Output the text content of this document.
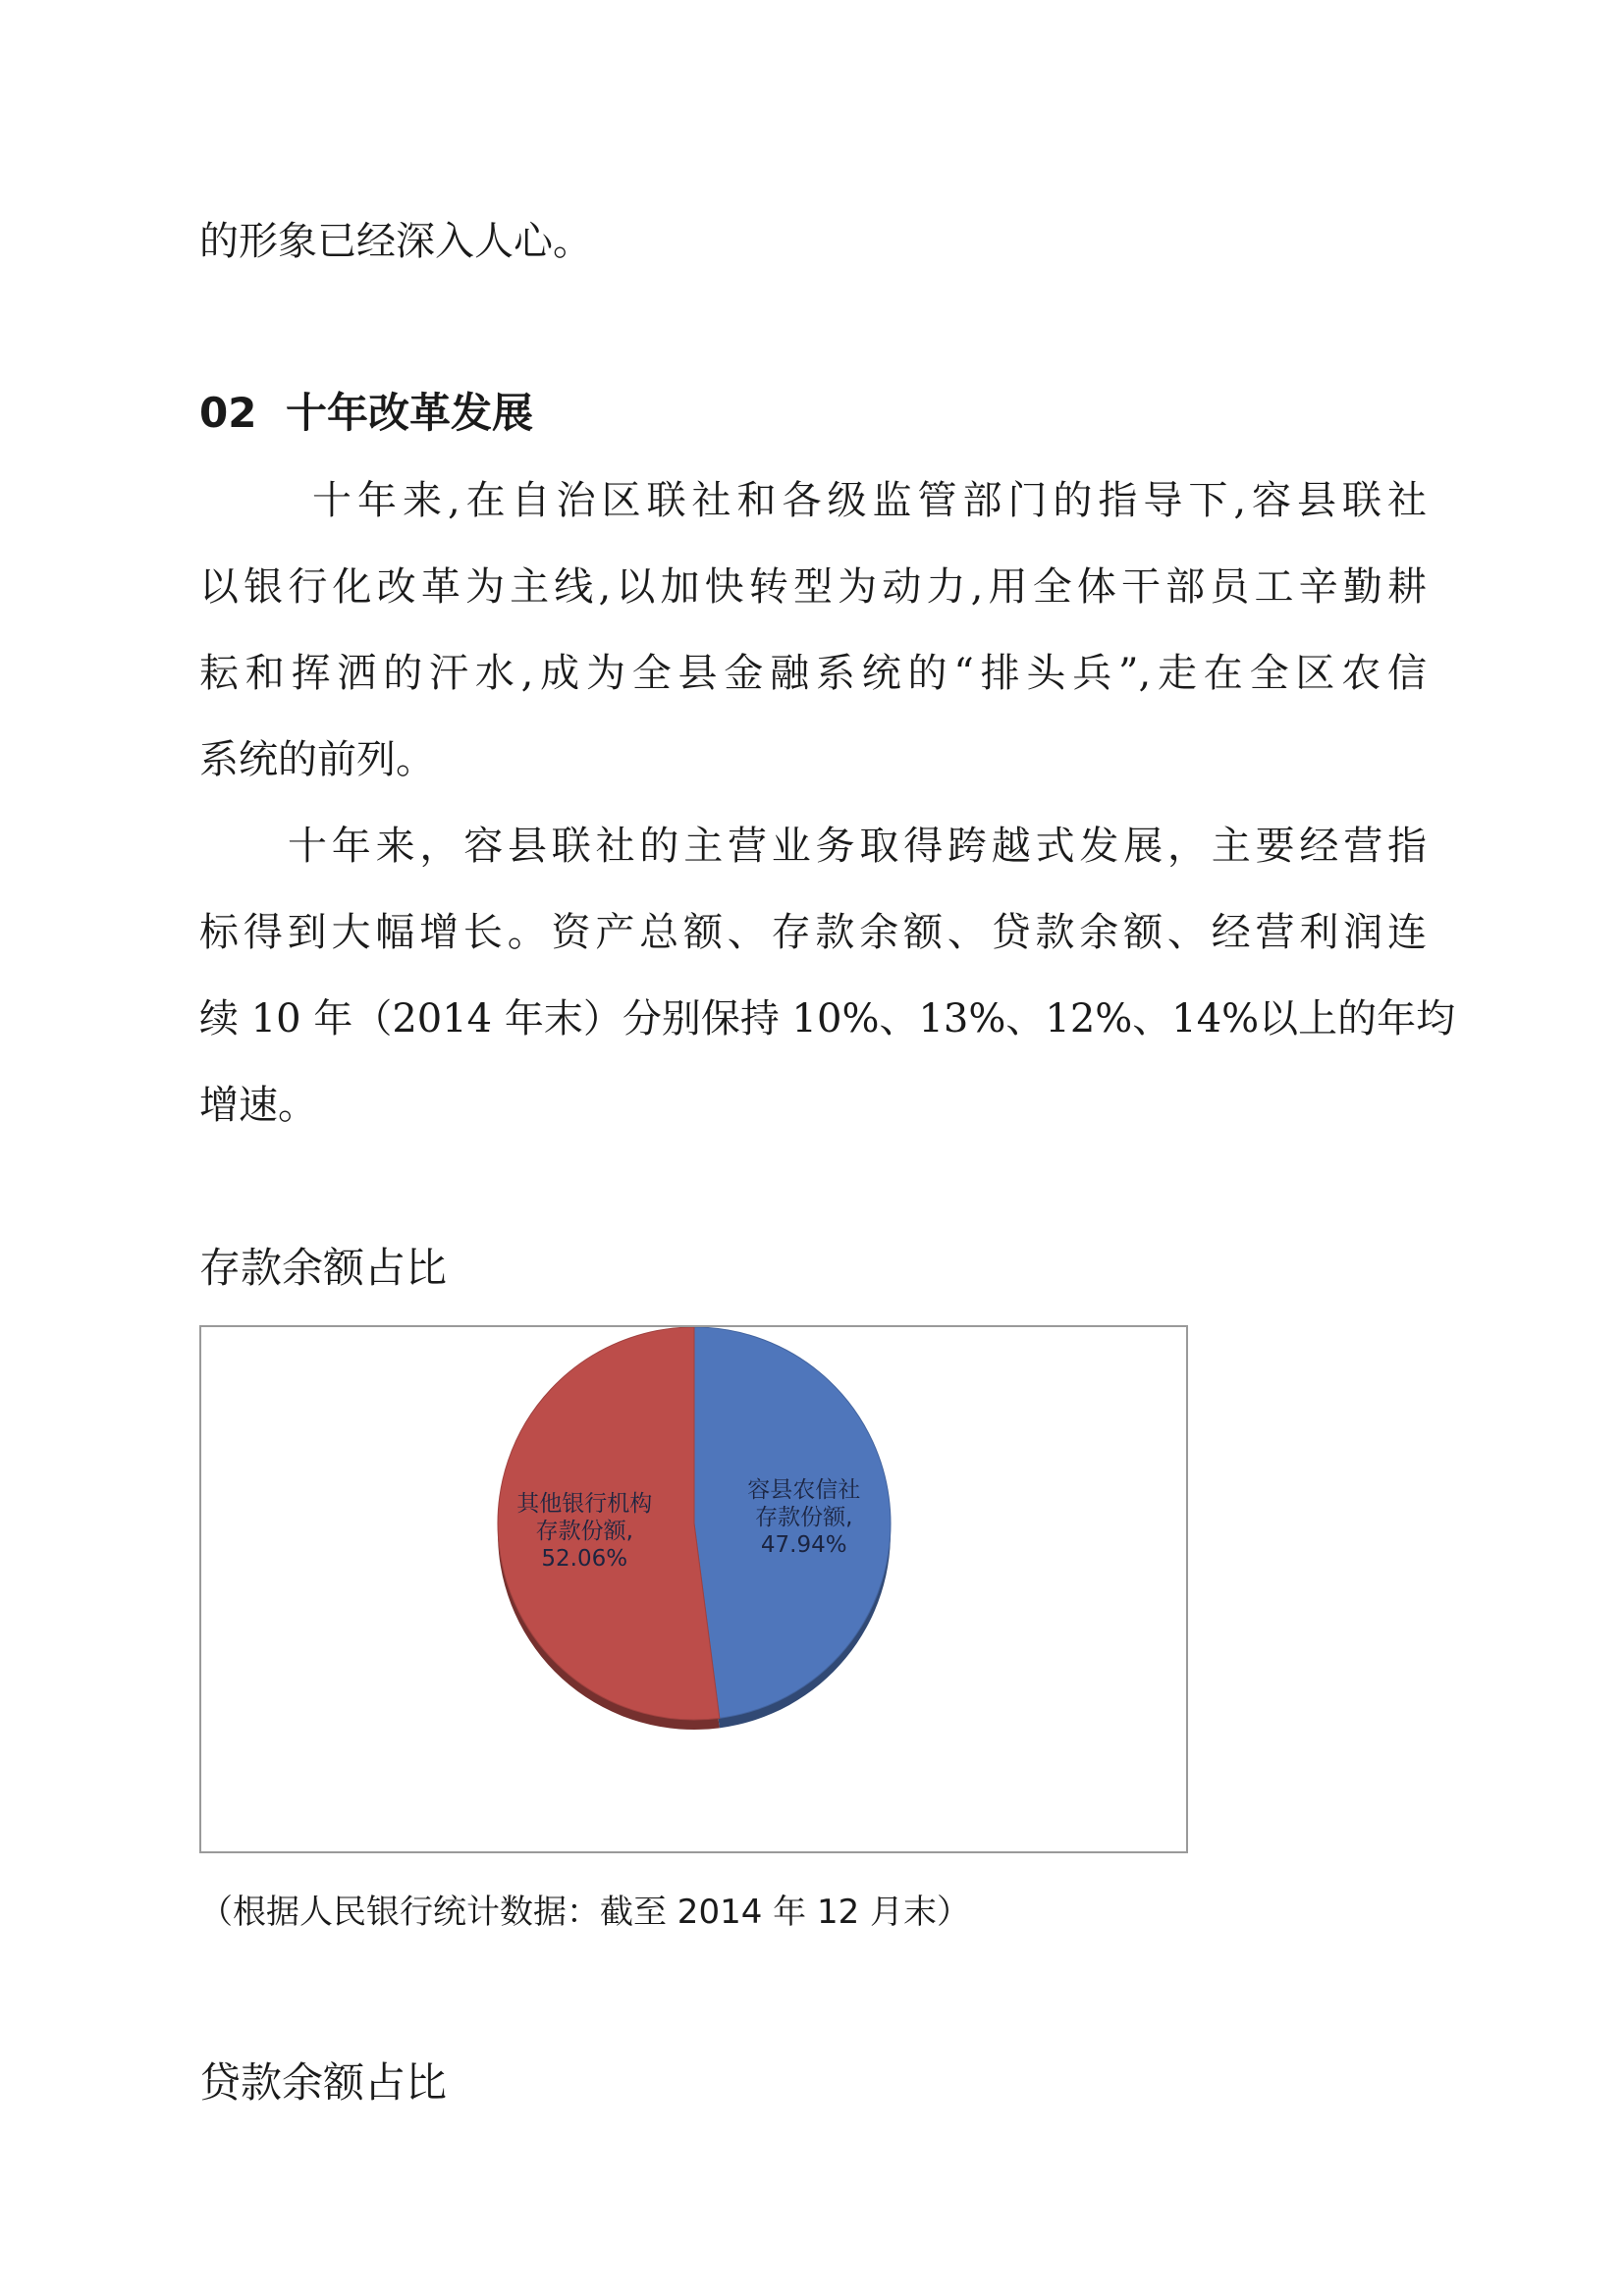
的形象已经深入人心。
02 十年改革发展
十年来,在自治区联社和各级监管部门的指导下,容县联社
以银行化改革为主线,以加快转型为动力,用全体干部员工辛勤耕
耘和挥洒的汗水,成为全县金融系统的“排头兵”,走在全区农信
系统的前列。
十年来，容县联社的主营业务取得跨越式发展，主要经营指
标得到大幅增长。资产总额、存款余额、贷款余额、经营利润连
续 10 年（2014 年末）分别保持 10%、13%、12%、14%以上的年均
增速。
存款余额占比
容县农信社存款份额, 47.94%
其他银行机构存款份额, 52.06%
（根据人民银行统计数据：截至 2014 年 12 月末）
贷款余额占比
